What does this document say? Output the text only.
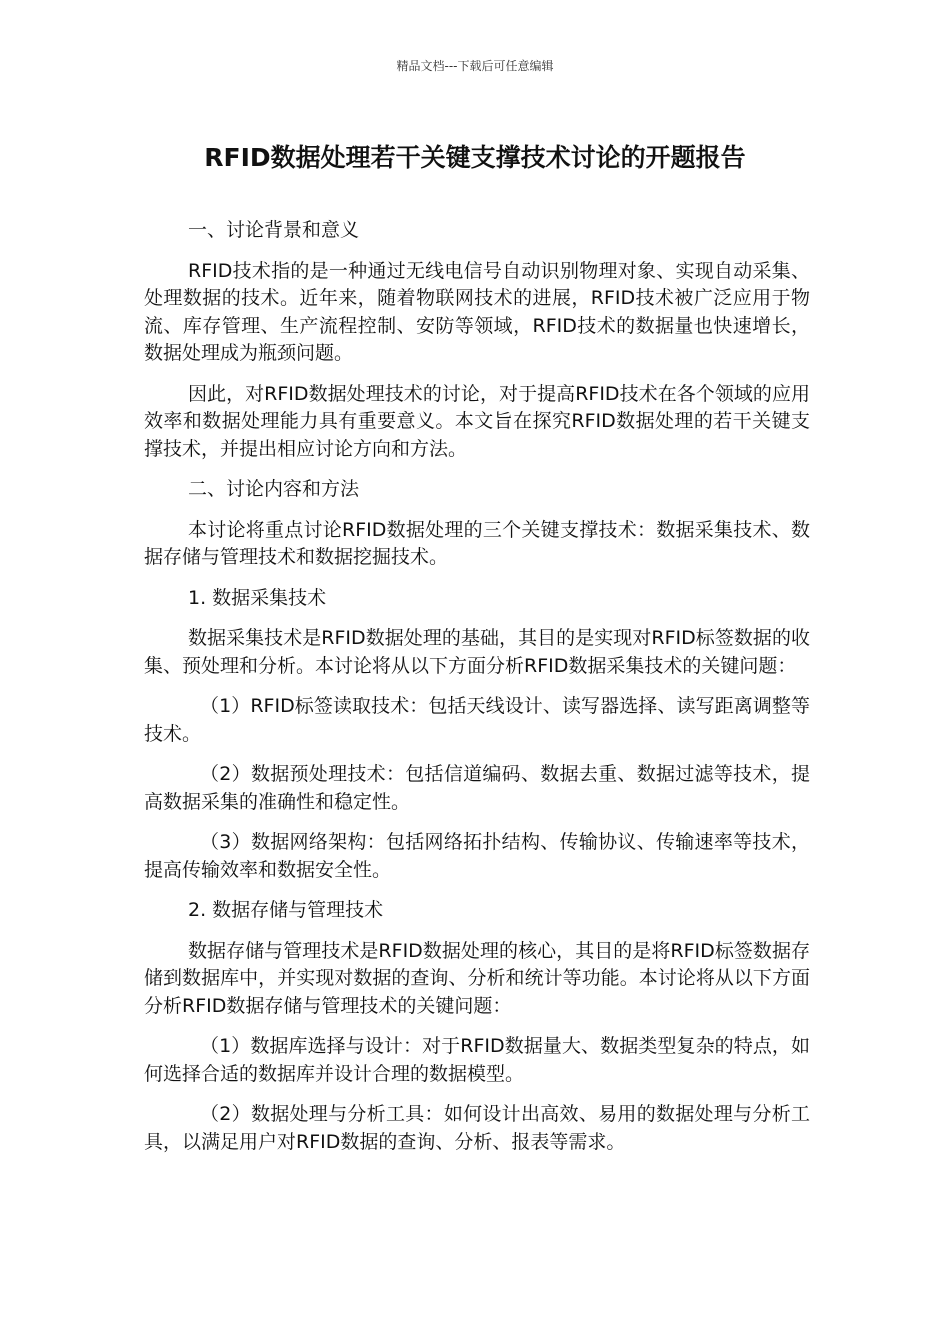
精品文档---下载后可任意编辑
RFID数据处理若干关键支撑技术讨论的开题报告

一、讨论背景和意义

RFID技术指的是一种通过无线电信号自动识别物理对象、实现自动采集、处理数据的技术。近年来，随着物联网技术的进展，RFID技术被广泛应用于物流、库存管理、生产流程控制、安防等领域，RFID技术的数据量也快速增长，数据处理成为瓶颈问题。

因此，对RFID数据处理技术的讨论，对于提高RFID技术在各个领域的应用效率和数据处理能力具有重要意义。本文旨在探究RFID数据处理的若干关键支撑技术，并提出相应讨论方向和方法。

二、讨论内容和方法

本讨论将重点讨论RFID数据处理的三个关键支撑技术：数据采集技术、数据存储与管理技术和数据挖掘技术。

1. 数据采集技术

数据采集技术是RFID数据处理的基础，其目的是实现对RFID标签数据的收集、预处理和分析。本讨论将从以下方面分析RFID数据采集技术的关键问题：

（1）RFID标签读取技术：包括天线设计、读写器选择、读写距离调整等技术。

（2）数据预处理技术：包括信道编码、数据去重、数据过滤等技术，提高数据采集的准确性和稳定性。

（3）数据网络架构：包括网络拓扑结构、传输协议、传输速率等技术，提高传输效率和数据安全性。

2. 数据存储与管理技术

数据存储与管理技术是RFID数据处理的核心，其目的是将RFID标签数据存储到数据库中，并实现对数据的查询、分析和统计等功能。本讨论将从以下方面分析RFID数据存储与管理技术的关键问题：

（1）数据库选择与设计：对于RFID数据量大、数据类型复杂的特点，如何选择合适的数据库并设计合理的数据模型。

（2）数据处理与分析工具：如何设计出高效、易用的数据处理与分析工具，以满足用户对RFID数据的查询、分析、报表等需求。
